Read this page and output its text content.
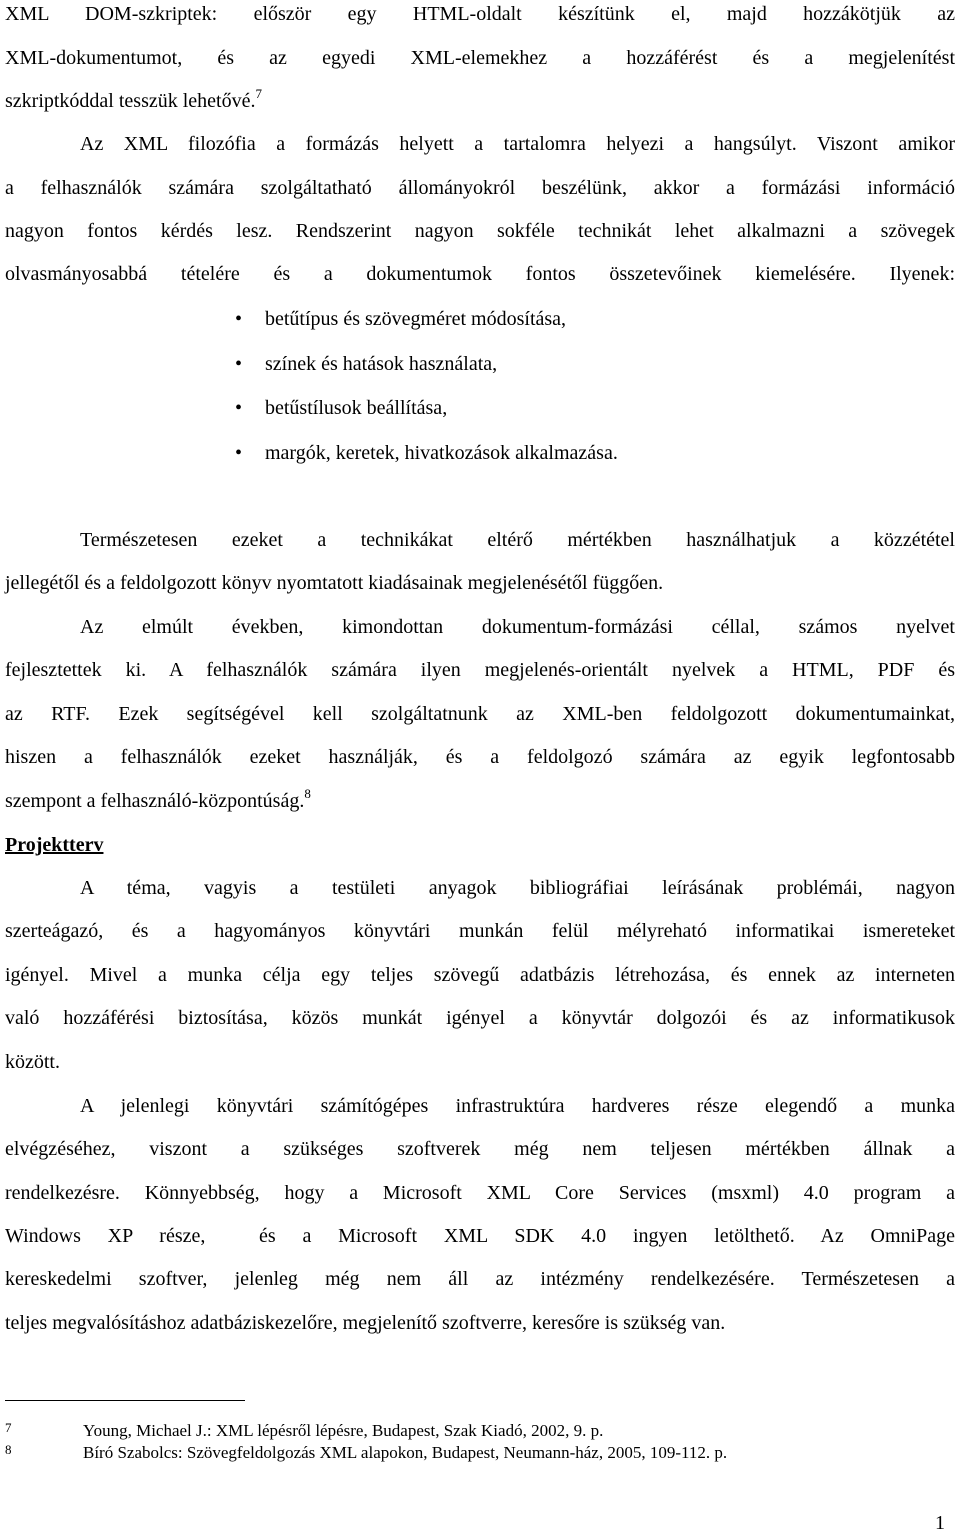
XML DOM-szkriptek: először egy HTML-oldalt készítünk el, majd hozzákötjük az

XML-dokumentumot, és az egyedi XML-elemekhez a hozzáférést és a megjelenítést

szkriptkóddal tesszük lehetővé.$^7$

Az XML filozófia a formázás helyett a tartalomra helyezi a hangsúlyt. Viszont amikor

a felhasználók számára szolgáltatható állományokról beszélünk, akkor a formázási információ

nagyon fontos kérdés lesz. Rendszerint nagyon sokféle technikát lehet alkalmazni a szövegek

olvasmányosabbá tételére és a dokumentumok fontos összetevőinek kiemelésére. Ilyenek:

• betűtípus és szövegméret módosítása,
• színek és hatások használata,
• betűstílusok beállítása,
• margók, keretek, hivatkozások alkalmazása.

Természetesen ezeket a technikákat eltérő mértékben használhatjuk a közzététel

jellegétől és a feldolgozott könyv nyomtatott kiadásainak megjelenésétől függően.

Az elmúlt években, kimondottan dokumentum-formázási céllal, számos nyelvet

fejlesztettek ki. A felhasználók számára ilyen megjelenés-orientált nyelvek a HTML, PDF és

az RTF. Ezek segítségével kell szolgáltatnunk az XML-ben feldolgozott dokumentumainkat,

hiszen a felhasználók ezeket használják, és a feldolgozó számára az egyik legfontosabb

szempont a felhasználó-központúság.$^8$

Projektterv

A téma, vagyis a testületi anyagok bibliográfiai leírásának problémái, nagyon

szerteágazó, és a hagyományos könyvtári munkán felül mélyreható informatikai ismereteket

igényel. Mivel a munka célja egy teljes szövegű adatbázis létrehozása, és ennek az interneten

való hozzáférési biztosítása, közös munkát igényel a könyvtár dolgozói és az informatikusok

között.

A jelenlegi könyvtári számítógépes infrastruktúra hardveres része elegendő a munka

elvégzéséhez, viszont a szükséges szoftverek még nem teljesen mértékben állnak a

rendelkezésre. Könnyebbség, hogy a Microsoft XML Core Services (msxml) 4.0 program a

Windows XP része,  és a Microsoft XML SDK 4.0 ingyen letölthető. Az OmniPage

kereskedelmi szoftver, jelenleg még nem áll az intézmény rendelkezésére. Természetesen a

teljes megvalósításhoz adatbáziskezelőre, megjelenítő szoftverre, keresőre is szükség van.

7	Young, Michael J.: XML lépésről lépésre, Budapest, Szak Kiadó, 2002, 9. p.
8	Bíró Szabolcs: Szövegfeldolgozás XML alapokon, Budapest, Neumann-ház, 2005, 109-112. p.
1
